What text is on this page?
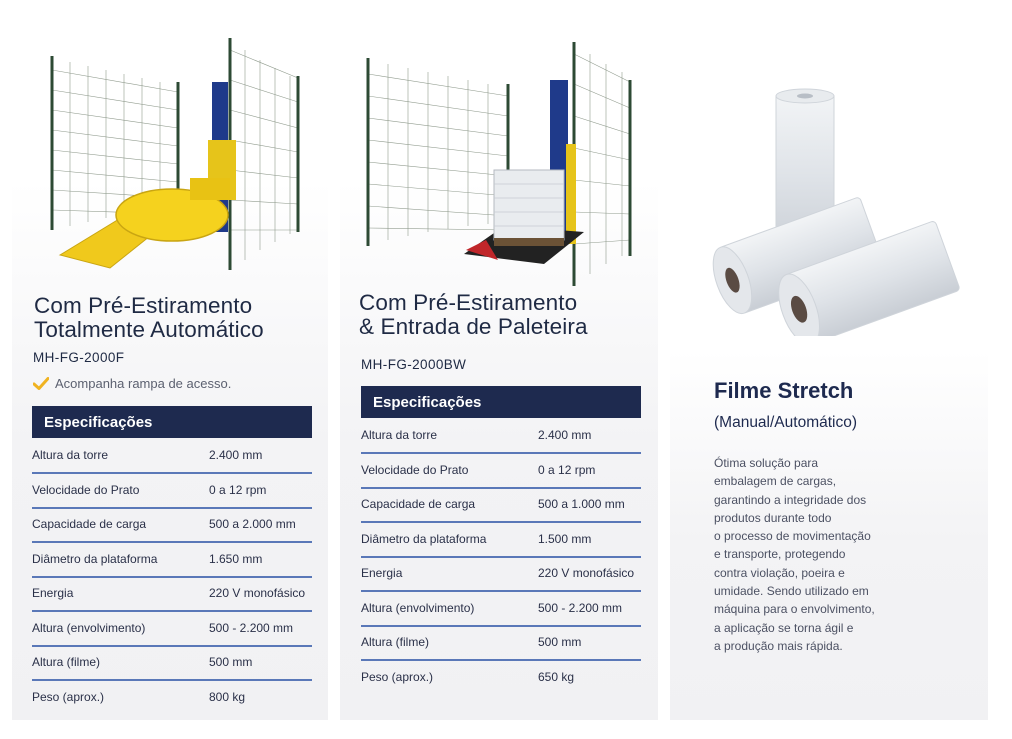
Com Pré-Estiramento
Totalmente Automático
MH-FG-2000F
Acompanha rampa de acesso.
Especificações
Altura da torre	2.400 mm
Velocidade do Prato	0 a 12 rpm
Capacidade de carga	500 a 2.000 mm
Diâmetro da plataforma	1.650 mm
Energia	220 V monofásico
Altura (envolvimento)	500 - 2.200 mm
Altura (filme)	500 mm
Peso (aprox.)	800 kg
Com Pré-Estiramento
& Entrada de Paleteira
MH-FG-2000BW
Especificações
Altura da torre	2.400 mm
Velocidade do Prato	0 a 12 rpm
Capacidade de carga	500 a 1.000 mm
Diâmetro da plataforma	1.500 mm
Energia	220 V monofásico
Altura (envolvimento)	500 - 2.200 mm
Altura (filme)	500 mm
Peso (aprox.)	650 kg
Filme Stretch
(Manual/Automático)
Ótima solução para
embalagem de cargas,
garantindo a integridade dos
produtos durante todo
o processo de movimentação
e transporte, protegendo
contra violação, poeira e
umidade. Sendo utilizado em
máquina para o envolvimento,
a aplicação se torna ágil e
a produção mais rápida.
